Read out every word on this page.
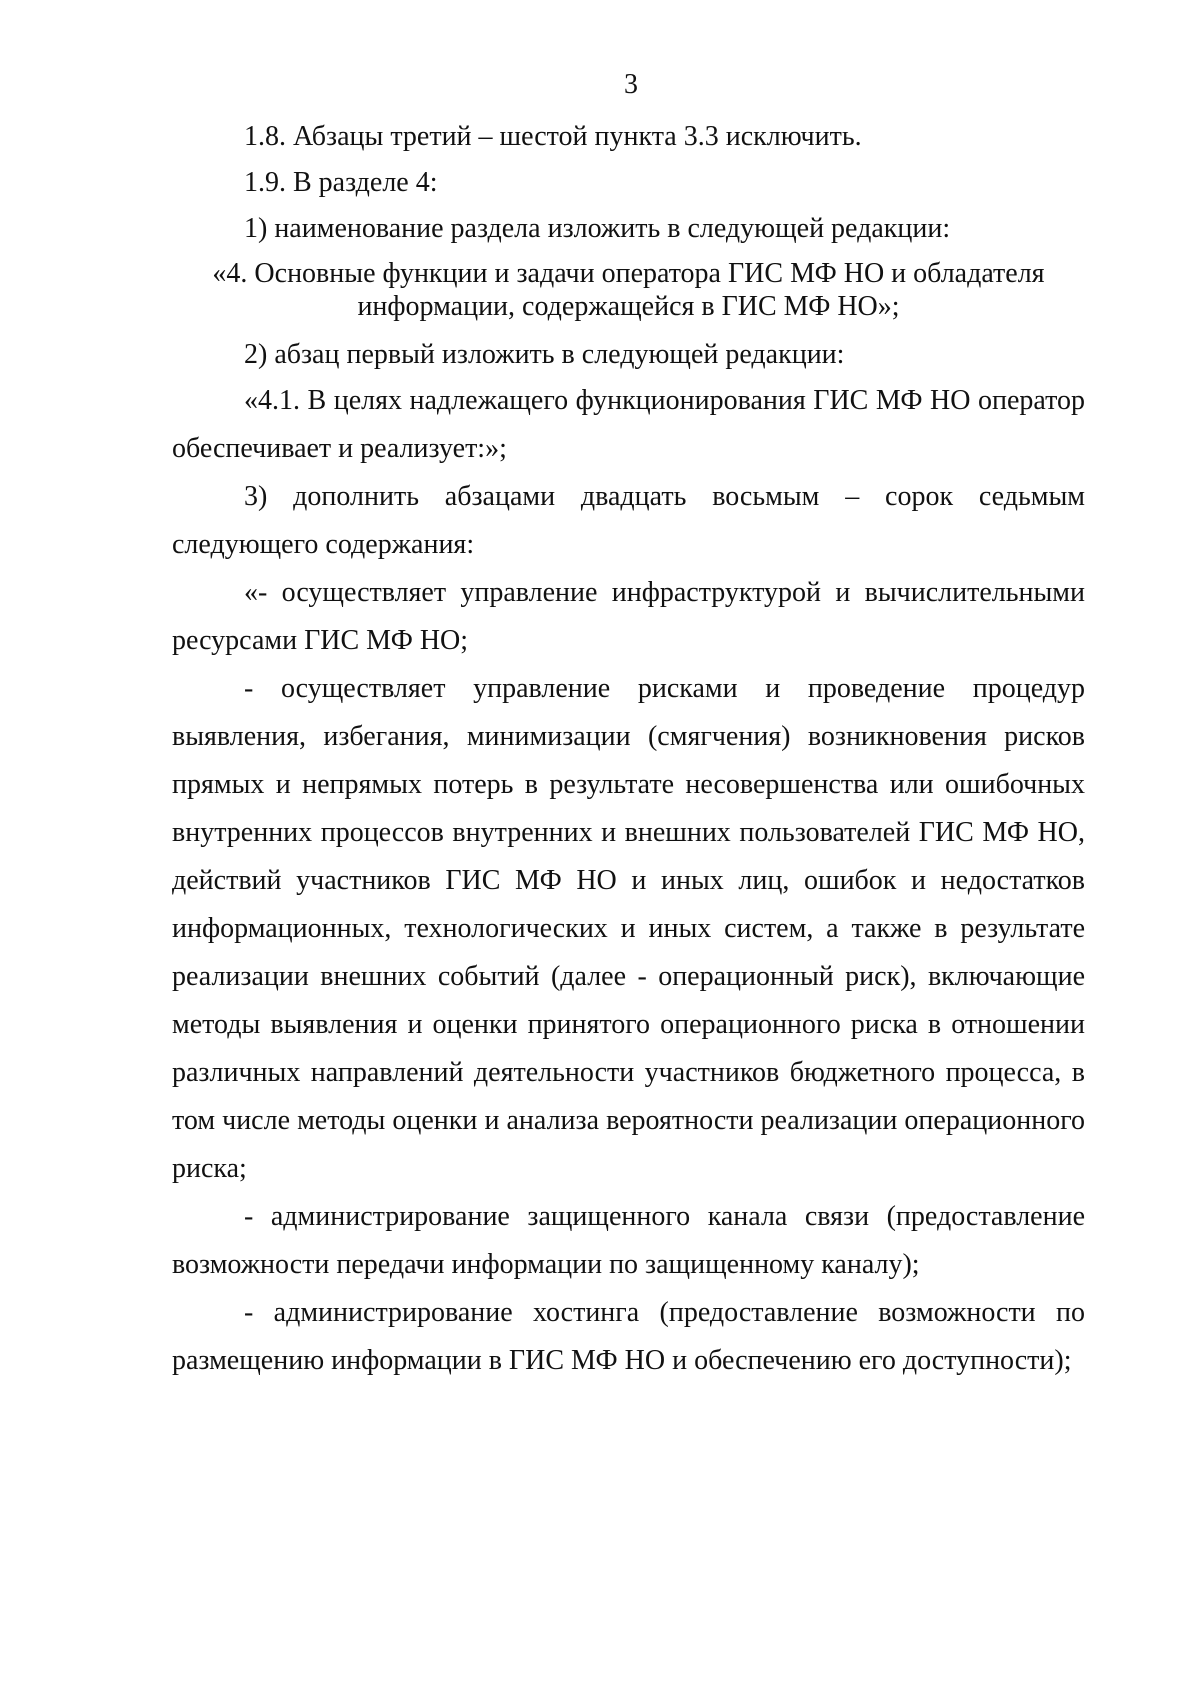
3

1.8. Абзацы третий – шестой пункта 3.3 исключить.

1.9. В разделе 4:

1) наименование раздела изложить в следующей редакции:

«4. Основные функции и задачи оператора ГИС МФ НО и обладателя
информации, содержащейся в ГИС МФ НО»;

2) абзац первый изложить в следующей редакции:

«4.1. В целях надлежащего функционирования ГИС МФ НО оператор обеспечивает и реализует:»;

3) дополнить абзацами двадцать восьмым – сорок седьмым следующего содержания:

«- осуществляет управление инфраструктурой и вычислительными ресурсами ГИС МФ НО;

- осуществляет управление рисками и проведение процедур выявления, избегания, минимизации (смягчения) возникновения рисков прямых и непрямых потерь в результате несовершенства или ошибочных внутренних процессов внутренних и внешних пользователей ГИС МФ НО, действий участников ГИС МФ НО и иных лиц, ошибок и недостатков информационных, технологических и иных систем, а также в результате реализации внешних событий (далее - операционный риск), включающие методы выявления и оценки принятого операционного риска в отношении различных направлений деятельности участников бюджетного процесса, в том числе методы оценки и анализа вероятности реализации операционного риска;

- администрирование защищенного канала связи (предоставление возможности передачи информации по защищенному каналу);

- администрирование хостинга (предоставление возможности по размещению информации в ГИС МФ НО и обеспечению его доступности);
